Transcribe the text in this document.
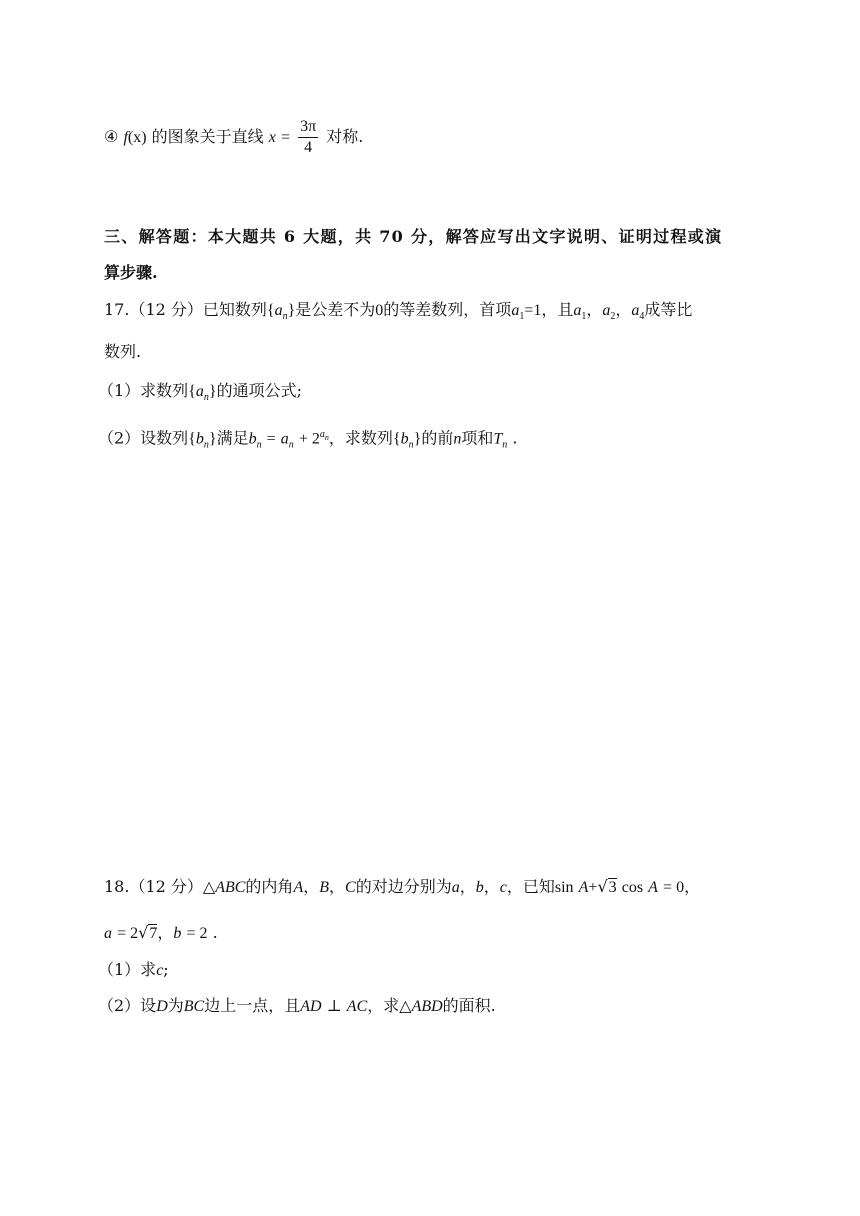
④ f(x) 的图象关于直线 $x = \frac{3\pi}{4}$ 对称.
三、解答题：本大题共 6 大题，共 70 分，解答应写出文字说明、证明过程或演
算步骤.
17.（12 分）已知数列$\{a_n\}$是公差不为0的等差数列，首项$a_1=1$，且$a_1$，$a_2$，$a_4$成等比
数列.
（1）求数列$\{a_n\}$的通项公式;
（2）设数列$\{b_n\}$满足$b_n = a_n + 2^{a_n}$，求数列$\{b_n\}$的前n项和$T_n$ .
18.（12 分）△ABC的内角A，B，C的对边分别为a，b，c，已知sin A+√3 cos A = 0，
a = 2√7，b = 2 .
（1）求c;
（2）设D为BC边上一点，且AD ⊥ AC，求△ABD的面积.
